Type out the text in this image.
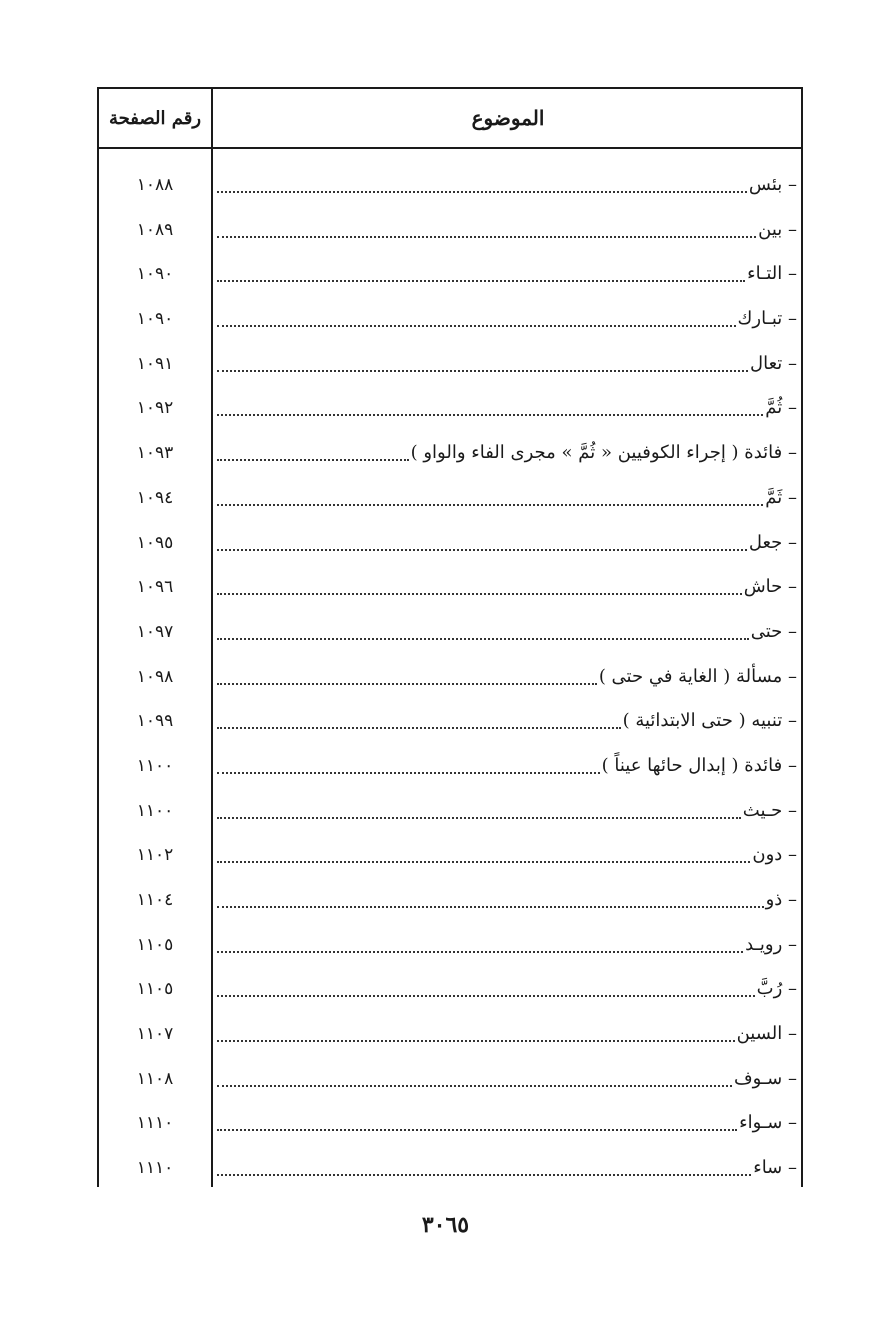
الموضوع
رقم الصفحة
– بئس
١٠٨٨
– بين
١٠٨٩
– التـاء
١٠٩٠
– تبـارك
١٠٩٠
– تعال
١٠٩١
– ثُمَّ
١٠٩٢
– فائدة ( إجراء الكوفيين « ثُمَّ » مجرى الفاء والواو )
١٠٩٣
– ثَمَّ
١٠٩٤
– جعل
١٠٩٥
– حاش
١٠٩٦
– حتى
١٠٩٧
– مسألة ( الغاية في حتى )
١٠٩٨
– تنبيه ( حتى الابتدائية )
١٠٩٩
– فائدة ( إبدال حائها عيناً )
١١٠٠
– حـيث
١١٠٠
– دون
١١٠٢
– ذو
١١٠٤
– رويـد
١١٠٥
– رُبَّ
١١٠٥
– السين
١١٠٧
– سـوف
١١٠٨
– سـواء
١١١٠
– ساء
١١١٠
٣٠٦٥
